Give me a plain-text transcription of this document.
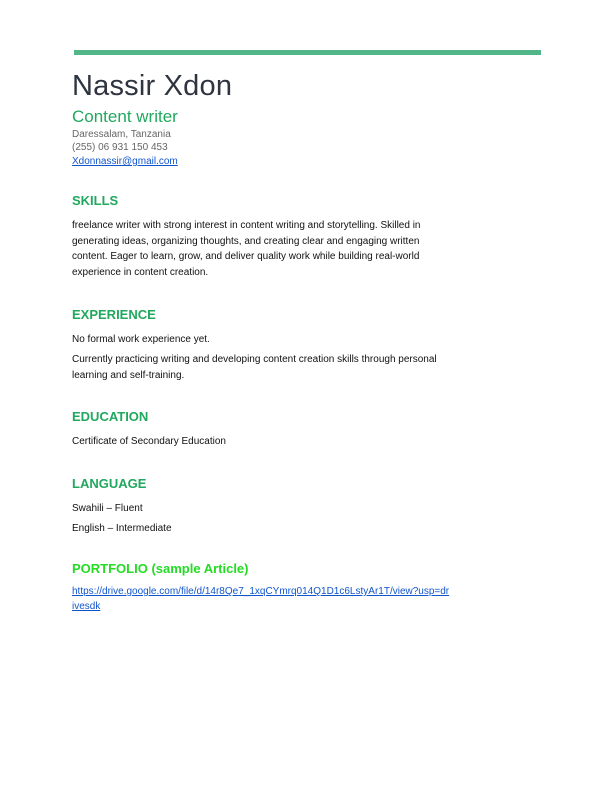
Nassir Xdon
Content writer
Daressalam, Tanzania
(255) 06 931 150 453
Xdonnassir@gmail.com
SKILLS
freelance writer with strong interest in content writing and storytelling. Skilled in generating ideas, organizing thoughts, and creating clear and engaging written content. Eager to learn, grow, and deliver quality work while building real-world experience in content creation.
EXPERIENCE
No formal work experience yet.
Currently practicing writing and developing content creation skills through personal learning and self-training.
EDUCATION
Certificate of Secondary Education
LANGUAGE
Swahili – Fluent
English – Intermediate
PORTFOLIO (sample Article)
https://drive.google.com/file/d/14r8Qe7_1xqCYmrq014Q1D1c6LstyAr1T/view?usp=drivesdk
